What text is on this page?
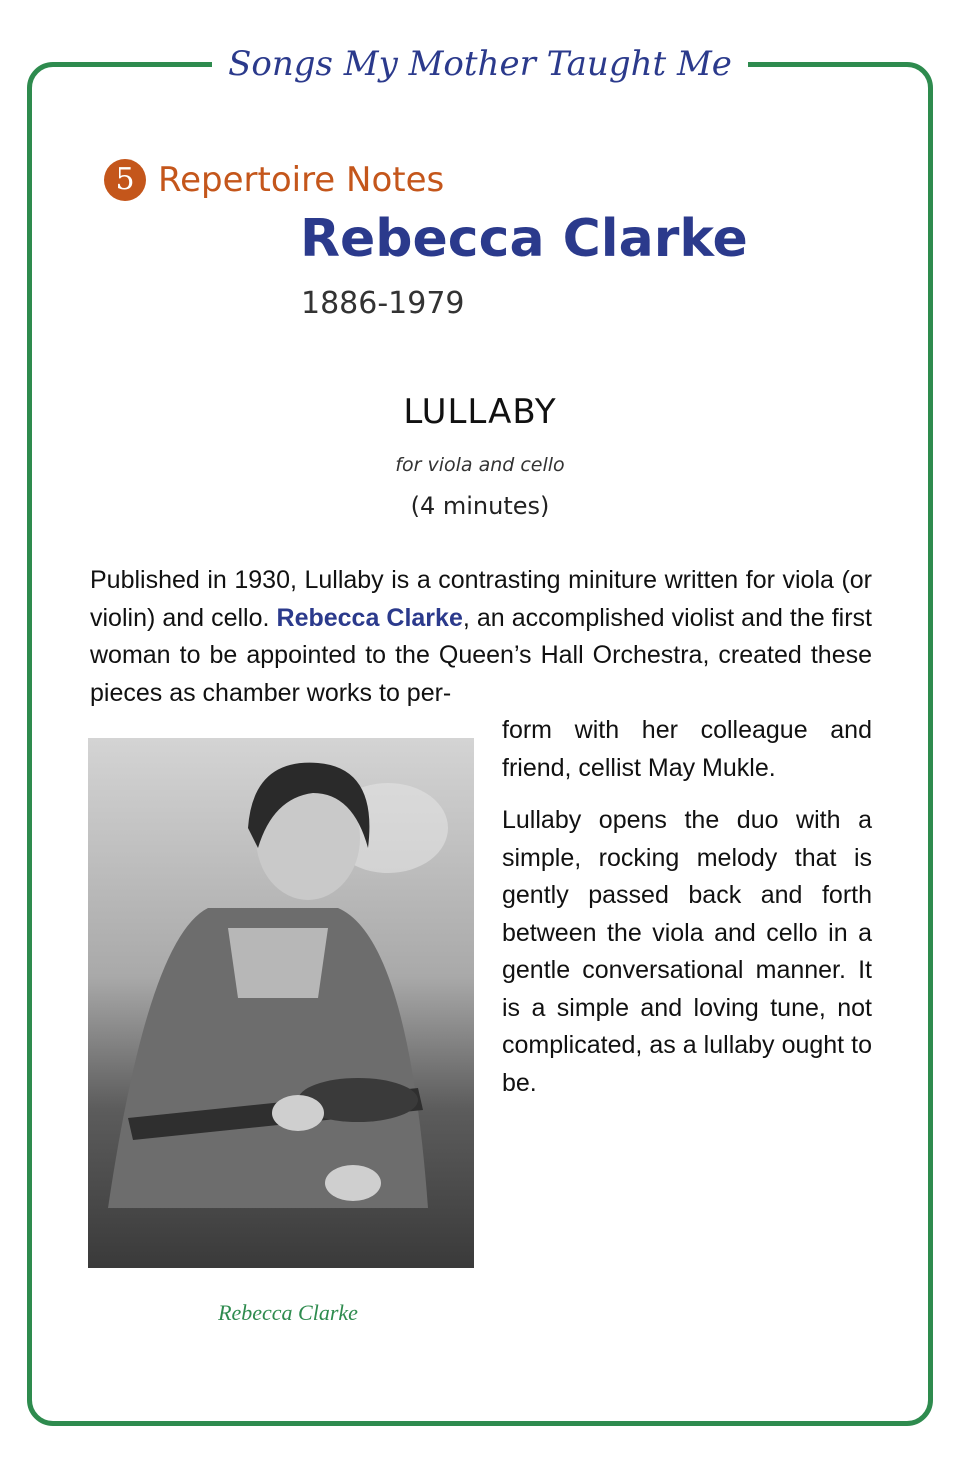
Songs My Mother Taught Me
5 Repertoire Notes
Rebecca Clarke
1886-1979
LULLABY
for viola and cello
(4 minutes)

Published in 1930, Lullaby is a contrasting miniture written for viola (or violin) and cello. Rebecca Clarke, an accomplished violist and the first woman to be appointed to the Queen’s Hall Orchestra, created these pieces as chamber works to per-

form with her colleague and friend, cellist May Mukle.

Lullaby opens the duo with a simple, rocking melody that is gently passed back and forth between the viola and cello in a gentle conversational manner. It is a simple and loving tune, not complicated, as a lullaby ought to be.

Rebecca Clarke
